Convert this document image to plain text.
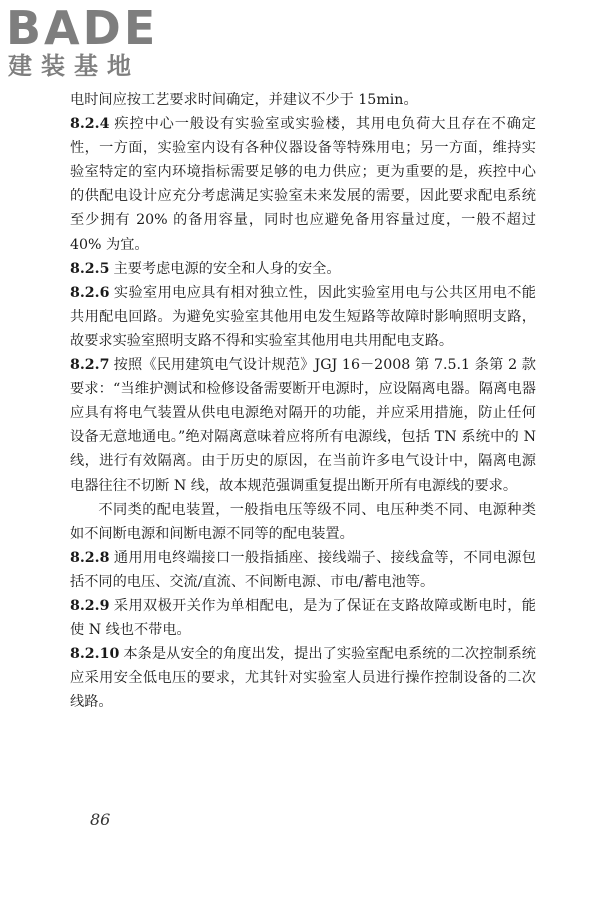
BADE
建装基地

电时间应按工艺要求时间确定，并建议不少于 15min。

8.2.4 疾控中心一般设有实验室或实验楼，其用电负荷大且存在不确定性，一方面，实验室内设有各种仪器设备等特殊用电；另一方面，维持实验室特定的室内环境指标需要足够的电力供应；更为重要的是，疾控中心的供配电设计应充分考虑满足实验室未来发展的需要，因此要求配电系统至少拥有 20% 的备用容量，同时也应避免备用容量过度，一般不超过 40% 为宜。

8.2.5 主要考虑电源的安全和人身的安全。

8.2.6 实验室用电应具有相对独立性，因此实验室用电与公共区用电不能共用配电回路。为避免实验室其他用电发生短路等故障时影响照明支路，故要求实验室照明支路不得和实验室其他用电共用配电支路。

8.2.7 按照《民用建筑电气设计规范》JGJ 16－2008 第 7.5.1 条第 2 款要求：“当维护测试和检修设备需要断开电源时，应设隔离电器。隔离电器应具有将电气装置从供电电源绝对隔开的功能，并应采用措施，防止任何设备无意地通电。”绝对隔离意味着应将所有电源线，包括 TN 系统中的 N 线，进行有效隔离。由于历史的原因，在当前许多电气设计中，隔离电源电器往往不切断 N 线，故本规范强调重复提出断开所有电源线的要求。

不同类的配电装置，一般指电压等级不同、电压种类不同、电源种类如不间断电源和间断电源不同等的配电装置。

8.2.8 通用用电终端接口一般指插座、接线端子、接线盒等，不同电源包括不同的电压、交流/直流、不间断电源、市电/蓄电池等。

8.2.9 采用双极开关作为单相配电，是为了保证在支路故障或断电时，能使 N 线也不带电。

8.2.10 本条是从安全的角度出发，提出了实验室配电系统的二次控制系统应采用安全低电压的要求，尤其针对实验室人员进行操作控制设备的二次线路。

86
